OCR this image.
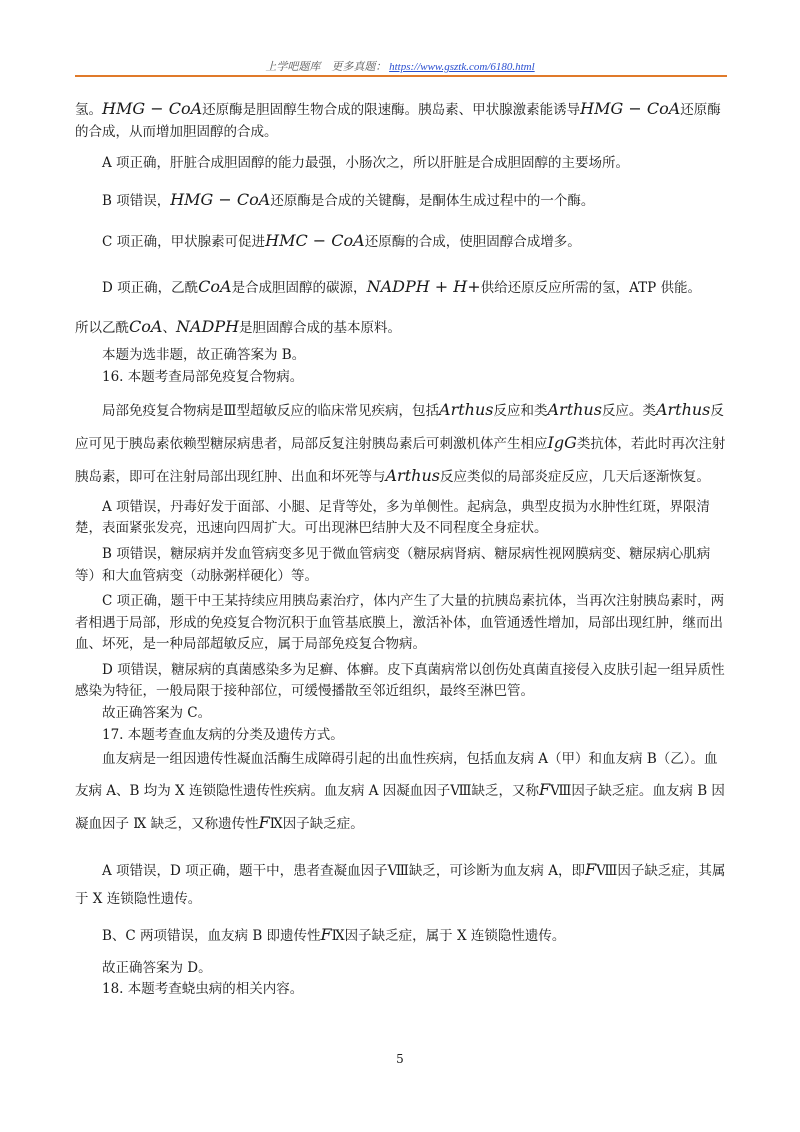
上学吧题库 更多真题： https://www.gsztk.com/6180.html

氢。HMG − CoA还原酶是胆固醇生物合成的限速酶。胰岛素、甲状腺激素能诱导HMG − CoA还原酶的合成，从而增加胆固醇的合成。

A 项正确，肝脏合成胆固醇的能力最强，小肠次之，所以肝脏是合成胆固醇的主要场所。

B 项错误，HMG − CoA还原酶是合成的关键酶，是酮体生成过程中的一个酶。

C 项正确，甲状腺素可促进HMC − CoA还原酶的合成，使胆固醇合成增多。

D 项正确，乙酰CoA是合成胆固醇的碳源，NADPH + H+供给还原反应所需的氢，ATP 供能。

所以乙酰CoA、NADPH是胆固醇合成的基本原料。

本题为选非题，故正确答案为 B。

16. 本题考查局部免疫复合物病。

局部免疫复合物病是Ⅲ型超敏反应的临床常见疾病，包括Arthus反应和类Arthus反应。类Arthus反应可见于胰岛素依赖型糖尿病患者，局部反复注射胰岛素后可刺激机体产生相应IgG类抗体，若此时再次注射胰岛素，即可在注射局部出现红肿、出血和坏死等与Arthus反应类似的局部炎症反应，几天后逐渐恢复。

A 项错误，丹毒好发于面部、小腿、足背等处，多为单侧性。起病急，典型皮损为水肿性红斑，界限清楚，表面紧张发亮，迅速向四周扩大。可出现淋巴结肿大及不同程度全身症状。

B 项错误，糖尿病并发血管病变多见于微血管病变（糖尿病肾病、糖尿病性视网膜病变、糖尿病心肌病等）和大血管病变（动脉粥样硬化）等。

C 项正确，题干中王某持续应用胰岛素治疗，体内产生了大量的抗胰岛素抗体，当再次注射胰岛素时，两者相遇于局部，形成的免疫复合物沉积于血管基底膜上，激活补体，血管通透性增加，局部出现红肿，继而出血、坏死，是一种局部超敏反应，属于局部免疫复合物病。

D 项错误，糖尿病的真菌感染多为足癣、体癣。皮下真菌病常以创伤处真菌直接侵入皮肤引起一组异质性感染为特征，一般局限于接种部位，可缓慢播散至邻近组织，最终至淋巴管。

故正确答案为 C。

17. 本题考查血友病的分类及遗传方式。

血友病是一组因遗传性凝血活酶生成障碍引起的出血性疾病，包括血友病 A（甲）和血友病 B（乙）。血友病 A、B 均为 X 连锁隐性遗传性疾病。血友病 A 因凝血因子Ⅷ缺乏，又称FⅧ因子缺乏症。血友病 B 因凝血因子 Ⅸ 缺乏，又称遗传性FⅨ因子缺乏症。

A 项错误，D 项正确，题干中，患者查凝血因子Ⅷ缺乏，可诊断为血友病 A，即FⅧ因子缺乏症，其属于 X 连锁隐性遗传。

B、C 两项错误，血友病 B 即遗传性FⅨ因子缺乏症，属于 X 连锁隐性遗传。

故正确答案为 D。

18. 本题考查蛲虫病的相关内容。

5
